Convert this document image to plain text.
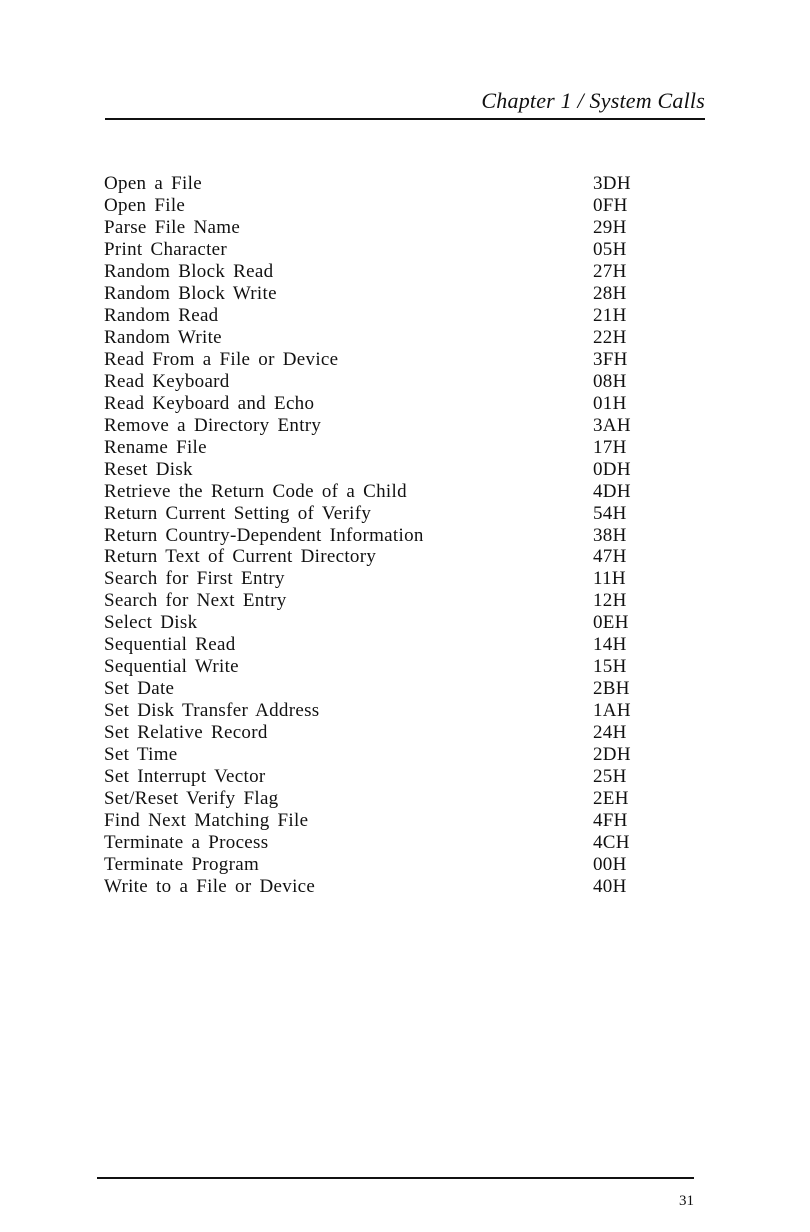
Chapter 1 / System Calls
Open a File	3DH
Open File	0FH
Parse File Name	29H
Print Character	05H
Random Block Read	27H
Random Block Write	28H
Random Read	21H
Random Write	22H
Read From a File or Device	3FH
Read Keyboard	08H
Read Keyboard and Echo	01H
Remove a Directory Entry	3AH
Rename File	17H
Reset Disk	0DH
Retrieve the Return Code of a Child	4DH
Return Current Setting of Verify	54H
Return Country-Dependent Information	38H
Return Text of Current Directory	47H
Search for First Entry	11H
Search for Next Entry	12H
Select Disk	0EH
Sequential Read	14H
Sequential Write	15H
Set Date	2BH
Set Disk Transfer Address	1AH
Set Relative Record	24H
Set Time	2DH
Set Interrupt Vector	25H
Set/Reset Verify Flag	2EH
Find Next Matching File	4FH
Terminate a Process	4CH
Terminate Program	00H
Write to a File or Device	40H
31
